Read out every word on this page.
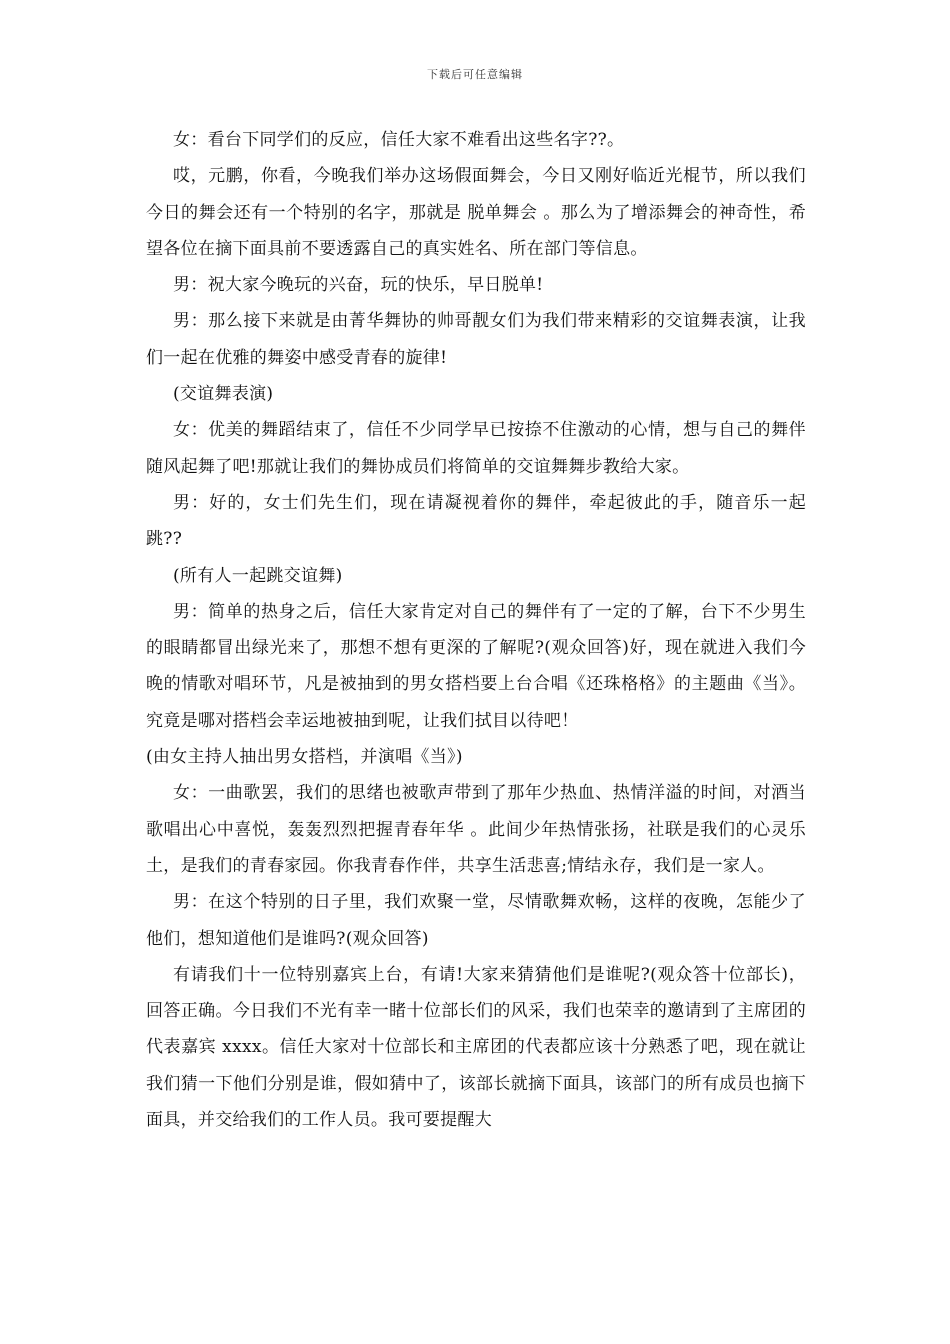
下载后可任意编辑

女：看台下同学们的反应，信任大家不难看出这些名字??。

哎，元鹏，你看，今晚我们举办这场假面舞会，今日又刚好临近光棍节，所以我们今日的舞会还有一个特别的名字，那就是 脱单舞会 。那么为了增添舞会的神奇性，希望各位在摘下面具前不要透露自己的真实姓名、所在部门等信息。

男：祝大家今晚玩的兴奋，玩的快乐，早日脱单!

男：那么接下来就是由菁华舞协的帅哥靓女们为我们带来精彩的交谊舞表演，让我们一起在优雅的舞姿中感受青春的旋律!

(交谊舞表演)

女：优美的舞蹈结束了，信任不少同学早已按捺不住激动的心情，想与自己的舞伴随风起舞了吧!那就让我们的舞协成员们将简单的交谊舞舞步教给大家。

男：好的，女士们先生们，现在请凝视着你的舞伴，牵起彼此的手，随音乐一起跳??

(所有人一起跳交谊舞)

男：简单的热身之后，信任大家肯定对自己的舞伴有了一定的了解，台下不少男生的眼睛都冒出绿光来了，那想不想有更深的了解呢?(观众回答)好，现在就进入我们今晚的情歌对唱环节，凡是被抽到的男女搭档要上台合唱《还珠格格》的主题曲《当》。究竟是哪对搭档会幸运地被抽到呢，让我们拭目以待吧！

(由女主持人抽出男女搭档，并演唱《当》)

女：一曲歌罢，我们的思绪也被歌声带到了那年少热血、热情洋溢的时间，对酒当歌唱出心中喜悦，轰轰烈烈把握青春年华 。此间少年热情张扬，社联是我们的心灵乐土，是我们的青春家园。你我青春作伴，共享生活悲喜;情结永存，我们是一家人。

男：在这个特别的日子里，我们欢聚一堂，尽情歌舞欢畅，这样的夜晚，怎能少了他们，想知道他们是谁吗?(观众回答)

有请我们十一位特别嘉宾上台，有请!大家来猜猜他们是谁呢?(观众答十位部长)，回答正确。今日我们不光有幸一睹十位部长们的风采，我们也荣幸的邀请到了主席团的代表嘉宾 xxxx。信任大家对十位部长和主席团的代表都应该十分熟悉了吧，现在就让我们猜一下他们分别是谁，假如猜中了，该部长就摘下面具，该部门的所有成员也摘下面具，并交给我们的工作人员。我可要提醒大
